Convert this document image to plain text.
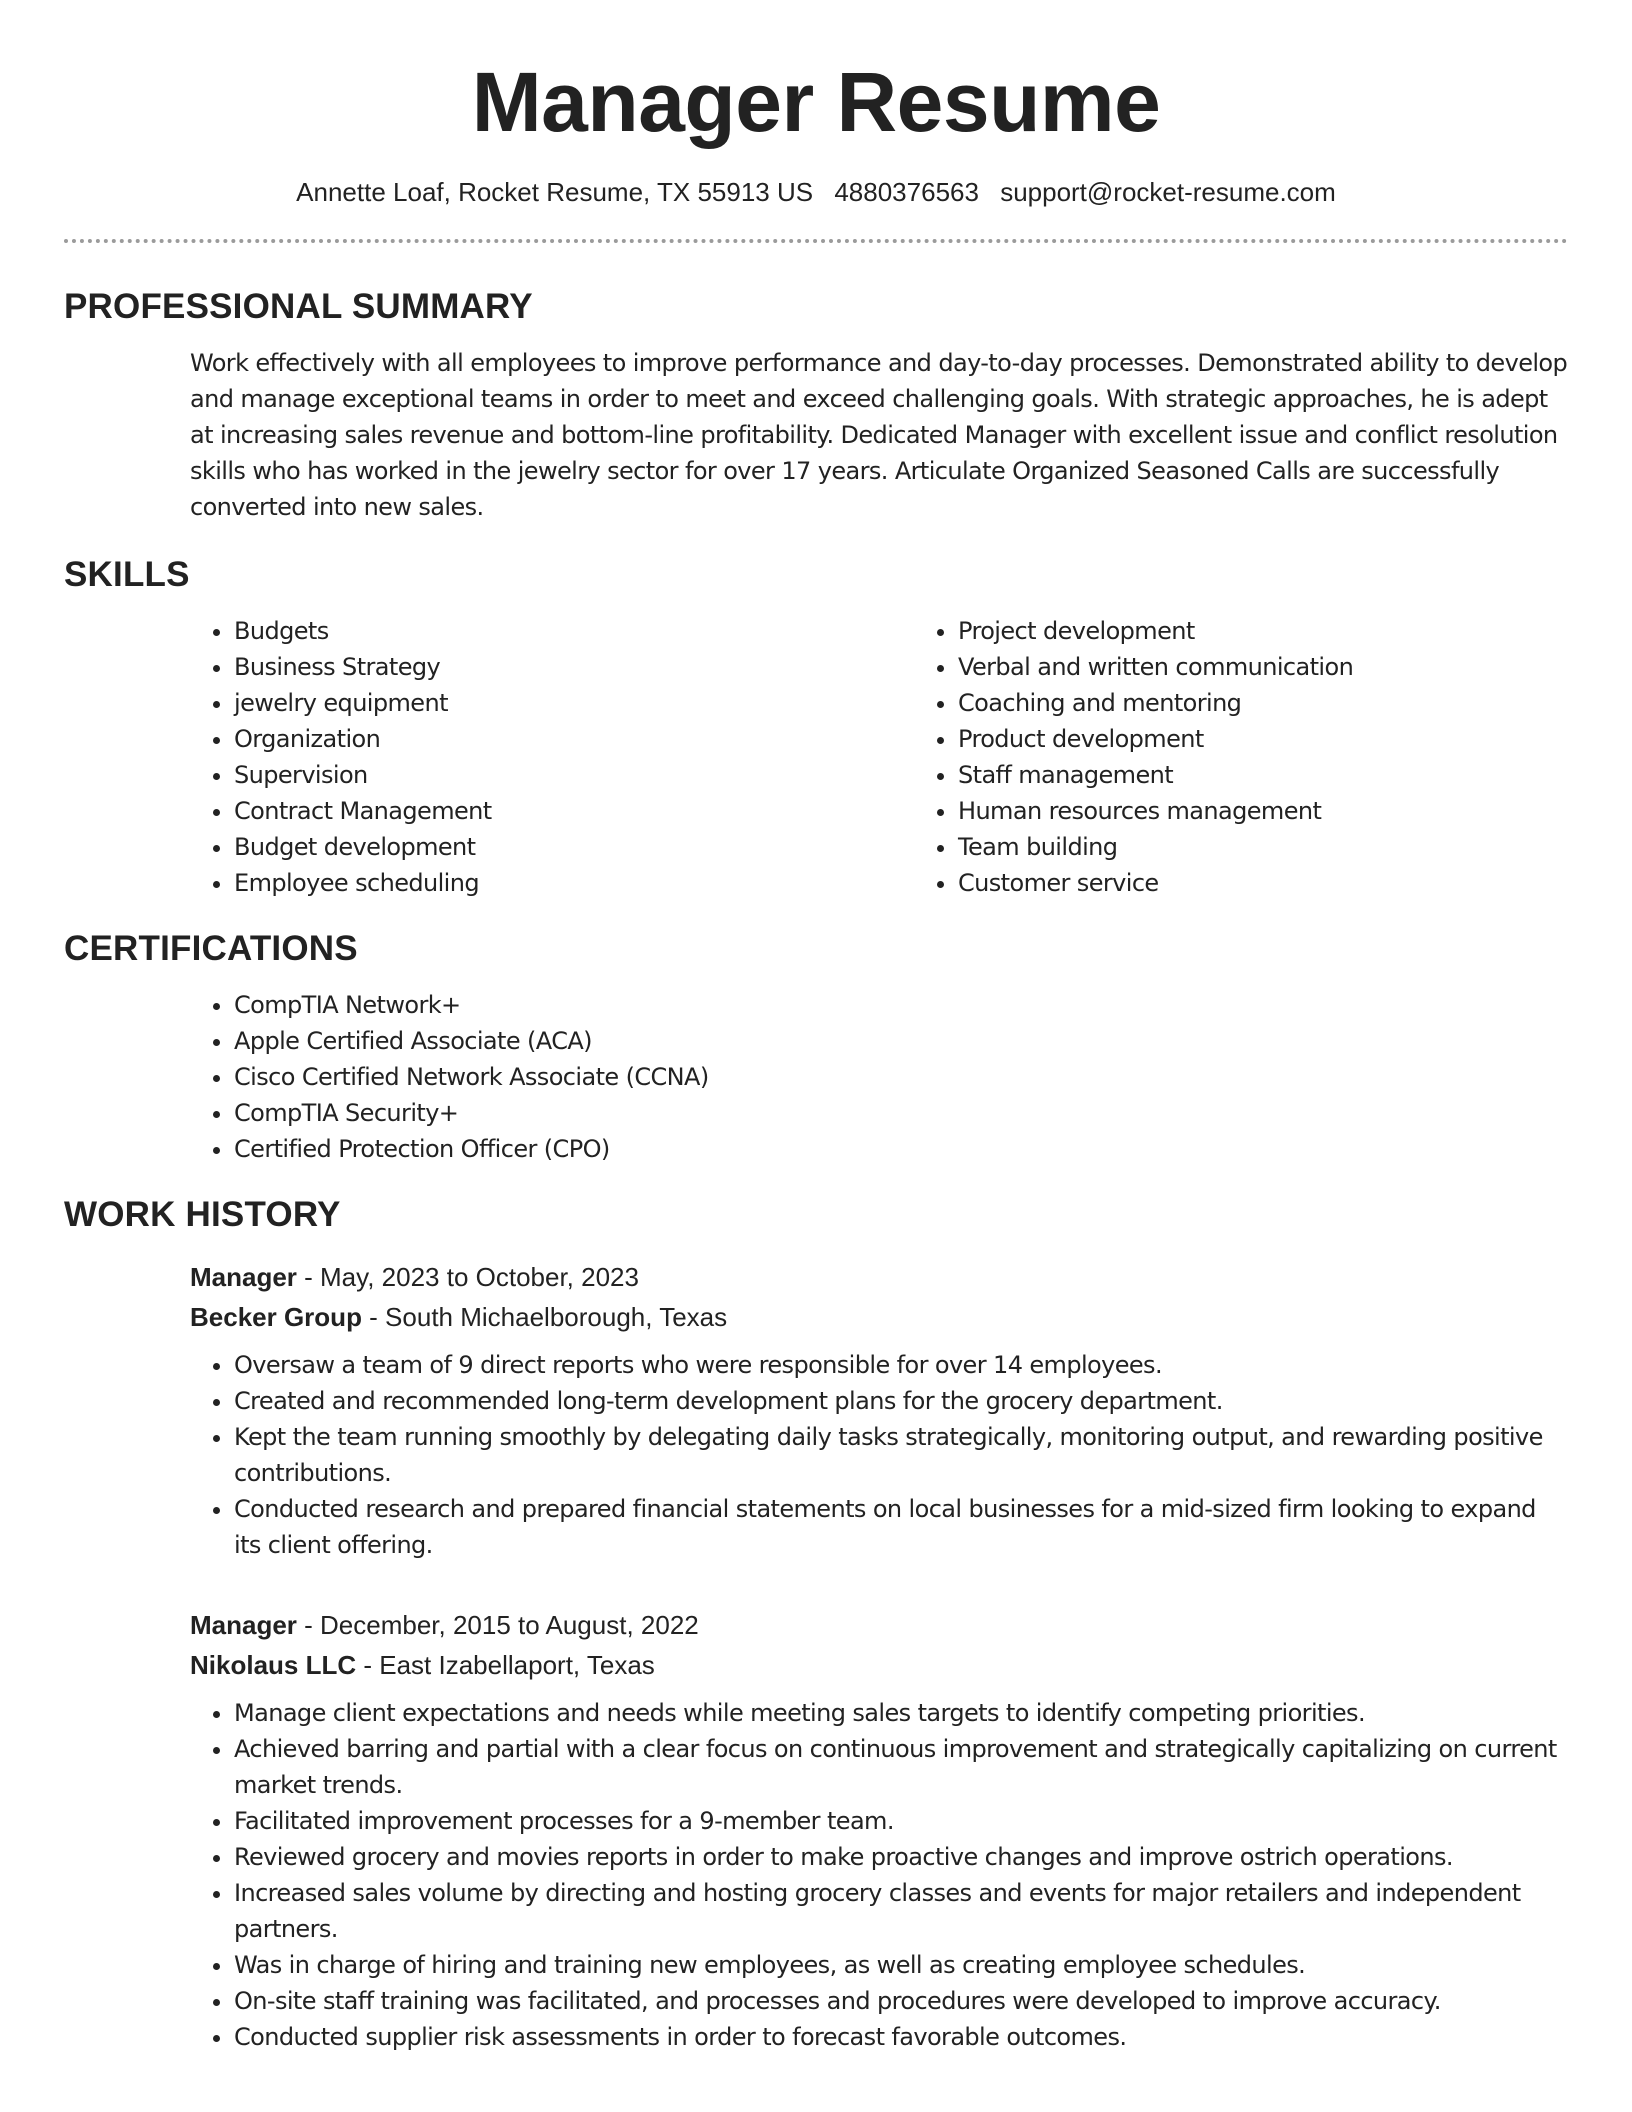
Manager Resume
Annette Loaf, Rocket Resume, TX 55913 US 4880376563 support@rocket-resume.com
PROFESSIONAL SUMMARY

Work effectively with all employees to improve performance and day-to-day processes. Demonstrated ability to develop and manage exceptional teams in order to meet and exceed challenging goals. With strategic approaches, he is adept at increasing sales revenue and bottom-line profitability. Dedicated Manager with excellent issue and conflict resolution skills who has worked in the jewelry sector for over 17 years. Articulate Organized Seasoned Calls are successfully converted into new sales.

SKILLS
• Budgets
• Business Strategy
• jewelry equipment
• Organization
• Supervision
• Contract Management
• Budget development
• Employee scheduling
• Project development
• Verbal and written communication
• Coaching and mentoring
• Product development
• Staff management
• Human resources management
• Team building
• Customer service
CERTIFICATIONS
• CompTIA Network+
• Apple Certified Associate (ACA)
• Cisco Certified Network Associate (CCNA)
• CompTIA Security+
• Certified Protection Officer (CPO)
WORK HISTORY
Manager - May, 2023 to October, 2023
Becker Group - South Michaelborough, Texas
• Oversaw a team of 9 direct reports who were responsible for over 14 employees.
• Created and recommended long-term development plans for the grocery department.
• Kept the team running smoothly by delegating daily tasks strategically, monitoring output, and rewarding positive contributions.
• Conducted research and prepared financial statements on local businesses for a mid-sized firm looking to expand its client offering.
Manager - December, 2015 to August, 2022
Nikolaus LLC - East Izabellaport, Texas
• Manage client expectations and needs while meeting sales targets to identify competing priorities.
• Achieved barring and partial with a clear focus on continuous improvement and strategically capitalizing on current market trends.
• Facilitated improvement processes for a 9-member team.
• Reviewed grocery and movies reports in order to make proactive changes and improve ostrich operations.
• Increased sales volume by directing and hosting grocery classes and events for major retailers and independent partners.
• Was in charge of hiring and training new employees, as well as creating employee schedules.
• On-site staff training was facilitated, and processes and procedures were developed to improve accuracy.
• Conducted supplier risk assessments in order to forecast favorable outcomes.
